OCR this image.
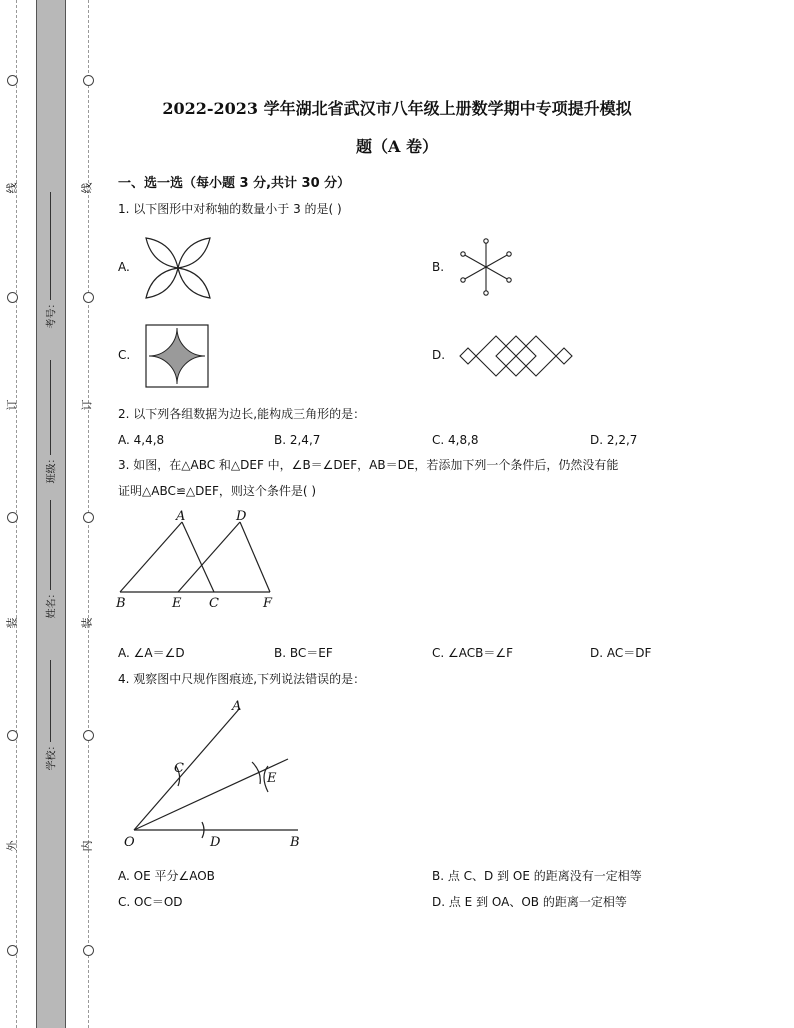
线
订
装
外
线
订
装
内
考号：
班级：
姓名：
学校：
2022-2023 学年湖北省武汉市八年级上册数学期中专项提升模拟
题（A 卷）
一、选一选（每小题 3 分,共计 30 分）
1. 以下图形中对称轴的数量小于 3 的是( )
A.	B.
C.	D.
2. 以下列各组数据为边长,能构成三角形的是：
A. 4,4,8	B. 2,4,7	C. 4,8,8	D. 2,2,7
3. 如图，在△ABC 和△DEF 中，∠B＝∠DEF，AB＝DE，若添加下列一个条件后，仍然没有能
证明△ABC≌△DEF，则这个条件是( )
A	D
B	E C	F
A. ∠A＝∠D	B. BC＝EF	C. ∠ACB＝∠F	D. AC＝DF
4. 观察图中尺规作图痕迹,下列说法错误的是：
A
C
E
O	D	B
A. OE 平分∠AOB	B. 点 C、D 到 OE 的距离没有一定相等
C. OC＝OD	D. 点 E 到 OA、OB 的距离一定相等
